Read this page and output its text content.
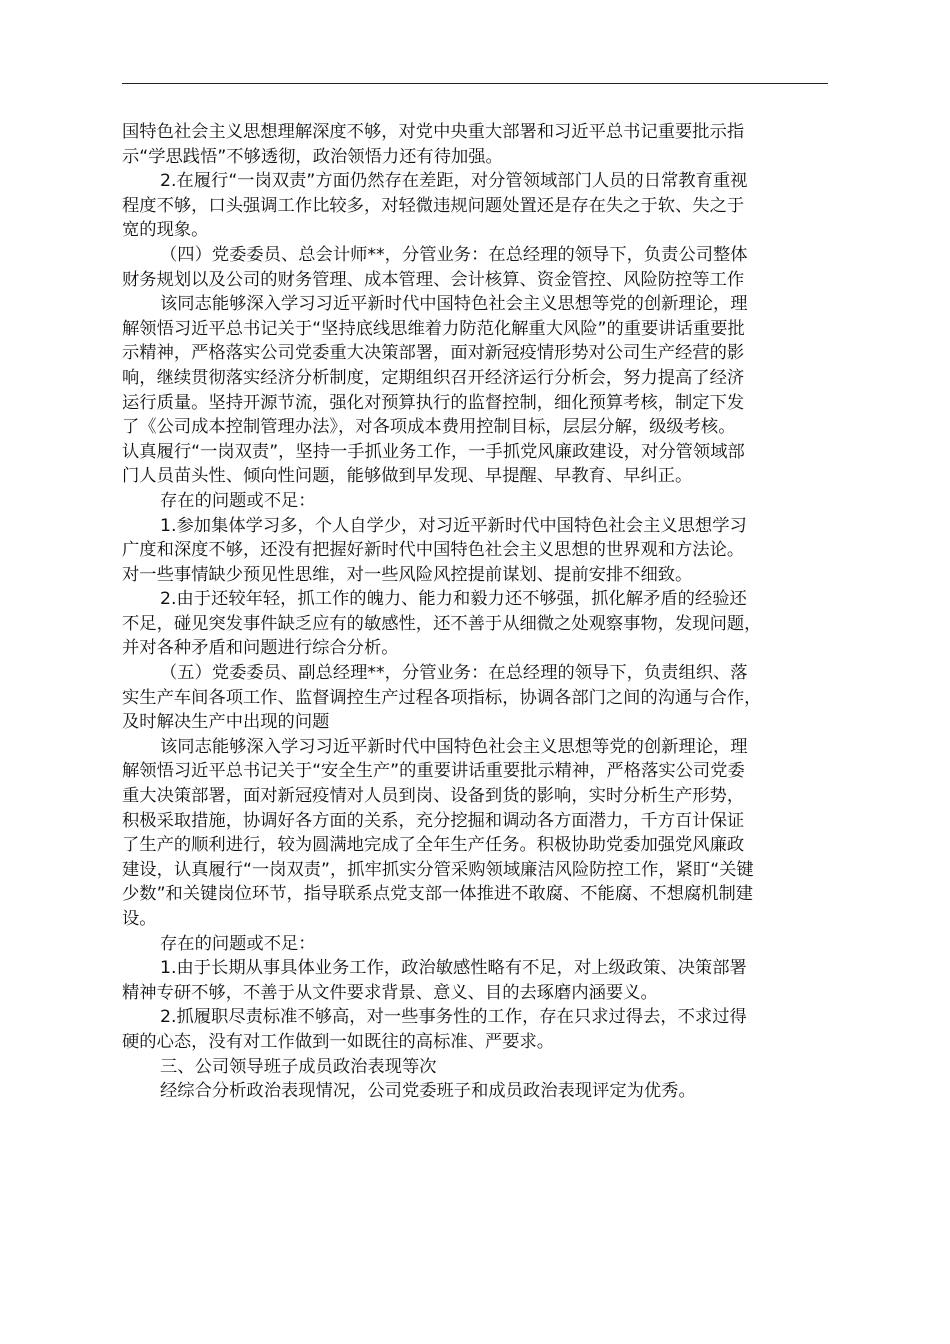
国特色社会主义思想理解深度不够，对党中央重大部署和习近平总书记重要批示指
示“学思践悟”不够透彻，政治领悟力还有待加强。
2.在履行“一岗双责”方面仍然存在差距，对分管领域部门人员的日常教育重视
程度不够，口头强调工作比较多，对轻微违规问题处置还是存在失之于软、失之于
宽的现象。
（四）党委委员、总会计师**，分管业务：在总经理的领导下，负责公司整体
财务规划以及公司的财务管理、成本管理、会计核算、资金管控、风险防控等工作
该同志能够深入学习习近平新时代中国特色社会主义思想等党的创新理论，理
解领悟习近平总书记关于“坚持底线思维着力防范化解重大风险”的重要讲话重要批
示精神，严格落实公司党委重大决策部署，面对新冠疫情形势对公司生产经营的影
响，继续贯彻落实经济分析制度，定期组织召开经济运行分析会，努力提高了经济
运行质量。坚持开源节流，强化对预算执行的监督控制，细化预算考核，制定下发
了《公司成本控制管理办法》，对各项成本费用控制目标，层层分解，级级考核。
认真履行“一岗双责”，坚持一手抓业务工作，一手抓党风廉政建设，对分管领域部
门人员苗头性、倾向性问题，能够做到早发现、早提醒、早教育、早纠正。
存在的问题或不足：
1.参加集体学习多，个人自学少，对习近平新时代中国特色社会主义思想学习
广度和深度不够，还没有把握好新时代中国特色社会主义思想的世界观和方法论。
对一些事情缺少预见性思维，对一些风险风控提前谋划、提前安排不细致。
2.由于还较年轻，抓工作的魄力、能力和毅力还不够强，抓化解矛盾的经验还
不足，碰见突发事件缺乏应有的敏感性，还不善于从细微之处观察事物，发现问题，
并对各种矛盾和问题进行综合分析。
（五）党委委员、副总经理**，分管业务：在总经理的领导下，负责组织、落
实生产车间各项工作、监督调控生产过程各项指标，协调各部门之间的沟通与合作，
及时解决生产中出现的问题
该同志能够深入学习习近平新时代中国特色社会主义思想等党的创新理论，理
解领悟习近平总书记关于“安全生产”的重要讲话重要批示精神，严格落实公司党委
重大决策部署，面对新冠疫情对人员到岗、设备到货的影响，实时分析生产形势，
积极采取措施，协调好各方面的关系，充分挖掘和调动各方面潜力，千方百计保证
了生产的顺利进行，较为圆满地完成了全年生产任务。积极协助党委加强党风廉政
建设，认真履行“一岗双责”，抓牢抓实分管采购领域廉洁风险防控工作，紧盯“关键
少数”和关键岗位环节，指导联系点党支部一体推进不敢腐、不能腐、不想腐机制建
设。
存在的问题或不足：
1.由于长期从事具体业务工作，政治敏感性略有不足，对上级政策、决策部署
精神专研不够，不善于从文件要求背景、意义、目的去琢磨内涵要义。
2.抓履职尽责标准不够高，对一些事务性的工作，存在只求过得去，不求过得
硬的心态，没有对工作做到一如既往的高标准、严要求。
三、公司领导班子成员政治表现等次
经综合分析政治表现情况，公司党委班子和成员政治表现评定为优秀。
